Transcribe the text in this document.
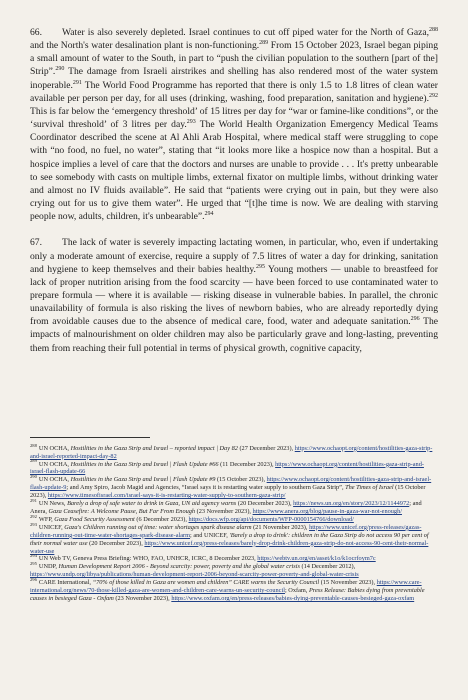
66. Water is also severely depleted. Israel continues to cut off piped water for the North of Gaza,$^{288}$ and the North's water desalination plant is non-functioning.$^{289}$ From 15 October 2023, Israel began piping a small amount of water to the South, in part to “push the civilian population to the southern [part of the] Strip”.$^{290}$ The damage from Israeli airstrikes and shelling has also rendered most of the water system inoperable.$^{291}$ The World Food Programme has reported that there is only 1.5 to 1.8 litres of clean water available per person per day, for all uses (drinking, washing, food preparation, sanitation and hygiene).$^{292}$ This is far below the ‘emergency threshold’ of 15 litres per day for “war or famine-like conditions”, or the ‘survival threshold’ of 3 litres per day.$^{293}$ The World Health Organization Emergency Medical Teams Coordinator described the scene at Al Ahli Arab Hospital, where medical staff were struggling to cope with “no food, no fuel, no water”, stating that “it looks more like a hospice now than a hospital. But a hospice implies a level of care that the doctors and nurses are unable to provide . . . It's pretty unbearable to see somebody with casts on multiple limbs, external fixator on multiple limbs, without drinking water and almost no IV fluids available”. He said that “patients were crying out in pain, but they were also crying out for us to give them water”. He urged that “[t]he time is now. We are dealing with starving people now, adults, children, it's unbearable”.$^{294}$

67. The lack of water is severely impacting lactating women, in particular, who, even if undertaking only a moderate amount of exercise, require a supply of 7.5 litres of water a day for drinking, sanitation and hygiene to keep themselves and their babies healthy.$^{295}$ Young mothers — unable to breastfeed for lack of proper nutrition arising from the food scarcity — have been forced to use contaminated water to prepare formula — where it is available — risking disease in vulnerable babies. In parallel, the chronic unavailability of formula is also risking the lives of newborn babies, who are already reportedly dying from avoidable causes due to the absence of medical care, food, water and adequate sanitation.$^{296}$ The impacts of malnourishment on older children may also be particularly grave and long-lasting, preventing them from reaching their full potential in terms of physical growth, cognitive capacity,

$^{288}$ UN OCHA, Hostilities in the Gaza Strip and Israel – reported impact | Day 82 (27 December 2023), https://www.ochaopt.org/content/hostilities-gaza-strip-and-israel-reported-impact-day-82

$^{289}$ UN OCHA, Hostilities in the Gaza Strip and Israel | Flash Update #66 (11 December 2023), https://www.ochaopt.org/content/hostilities-gaza-strip-and-israel-flash-update-66

$^{290}$ UN OCHA, Hostilities in the Gaza Strip and Israel | Flash Update #9 (15 October 2023), https://www.ochaopt.org/content/hostilities-gaza-strip-and-israel-flash-update-9; and Amy Spiro, Jacob Magid and Agencies, “Israel says it is restarting water supply to southern Gaza Strip”, The Times of Israel (15 October 2023), https://www.timesofisrael.com/israel-says-it-is-restarting-water-supply-to-southern-gaza-strip/

$^{291}$ UN News, Barely a drop of safe water to drink in Gaza, UN aid agency warns (20 December 2023), https://news.un.org/en/story/2023/12/1144972; and Anera, Gaza Ceasefire: A Welcome Pause, But Far From Enough (23 November 2023), https://www.anera.org/blog/pause-in-gaza-war-not-enough/

$^{292}$ WFP, Gaza Food Security Assessment (6 December 2023), https://docs.wfp.org/api/documents/WFP-0000154766/download/

$^{293}$ UNICEF, Gaza's Children running out of time: water shortages spark disease alarm (21 November 2023), https://www.unicef.org/press-releases/gazas-children-running-out-time-water-shortages-spark-disease-alarm; and UNICEF, 'Barely a drop to drink': children in the Gaza Strip do not access 90 per cent of their normal water use (20 December 2023), https://www.unicef.org/press-releases/barely-drop-drink-children-gaza-strip-do-not-access-90-cent-their-normal-water-use

$^{294}$ UN Web TV, Geneva Press Briefing: WHO, FAO, UNHCR, ICRC, 8 December 2023, https://webtv.un.org/en/asset/k1o/k1ocrfoym7c

$^{295}$ UNDP, Human Development Report 2006 - Beyond scarcity: power, poverty and the global water crisis (14 December 2012), https://www.undp.org/libya/publications/human-development-report-2006-beyond-scarcity-power-poverty-and-global-water-crisis

$^{296}$ CARE International, “70% of those killed in Gaza are women and children” CARE warns the Security Council (15 November 2023), https://www.care-international.org/news/70-those-killed-gaza-are-women-and-children-care-warns-un-security-council; Oxfam, Press Release: Babies dying from preventable causes in besieged Gaza - Oxfam (23 November 2023), https://www.oxfam.org/en/press-releases/babies-dying-preventable-causes-besieged-gaza-oxfam
